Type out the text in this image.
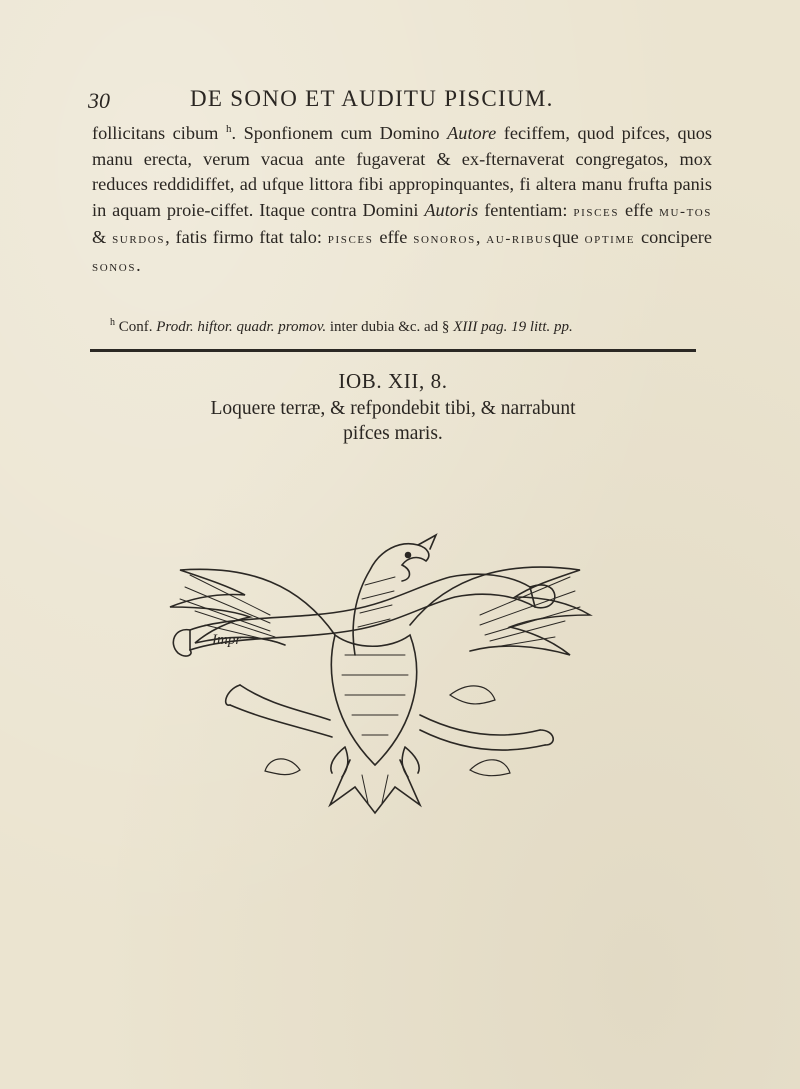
30	DE SONO ET AUDITU PISCIUM.

follicitans cibum $^h$. Sponfionem cum Domino Autore feciffem, quod pifces, quos manu erecta, verum vacua ante fugaverat & ex-fternaverat congregatos, mox reduces reddidiffet, ad ufque littora fibi appropinquantes, fi altera manu frufta panis in aquam proie-ciffet. Itaque contra Domini Autoris fententiam: pisces effe mu-tos & surdos, fatis firmo ftat talo: pisces effe sonoros, au-ribusque optime concipere sonos.

$^h$ Conf. Prodr. hiftor. quadr. promov. inter dubia &c. ad § XIII pag. 19 litt. pp.
IOB. XII, 8.
Loquere terræ, & refpondebit tibi, & narrabunt
pifces maris.
Impr
